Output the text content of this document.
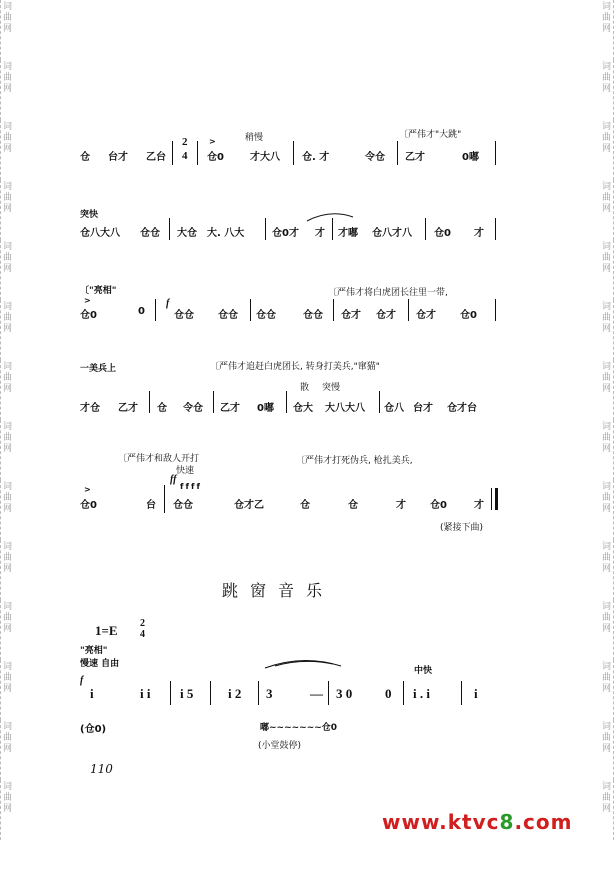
词
曲
网
词
曲
网
词
曲
网
词
曲
网
词
曲
网
词
曲
网
词
曲
网
词
曲
网
词
曲
网
词
曲
网
词
曲
网
词
曲
网
词
曲
网
词
曲
网
词
曲
网
词
曲
网
词
曲
网
词
曲
网
词
曲
网
词
曲
网
词
曲
网
词
曲
网
词
曲
网
词
曲
网
词
曲
网
词
曲
网
词
曲
网
词
曲
网
稍慢	〔严伟才"大跳"
仓 台才 乙台
2
4
>
仓0	才大八 仓. 才	令仓 乙才	0嘟
突快
仓八大八 仓仓 大仓 大. 八大	仓0才 才 才嘟 仓八才八 仓0 才
〔"亮相"	〔严伟才将白虎团长往里一带,
>
仓0	0
f
仓仓 仓仓 仓仓	仓仓 仓才 仓才 仓才 仓0
一美兵上	〔严伟才追赶白虎团长, 转身打美兵,"窜猫"
散 突慢
才仓 乙才 仓 令仓 乙才 0嘟 仓大 大八大八 仓八 台才 仓才台
〔严伟才和敌人开打	〔严伟才打死伪兵, 枪扎美兵,
快速
ff
ffff
>
仓0	台 仓仓	仓才乙	仓	仓	才 仓0	才
(紧接下曲)
跳窗音乐
1=E 2
4
"亮相"
慢速 自由
中快
f
i	i i i 5	i 2 3	— 3 0	0 i . i	i
(仓0)	嘟~~~~~~~仓0
(小堂鼓停)
110
www.ktvc8.com
